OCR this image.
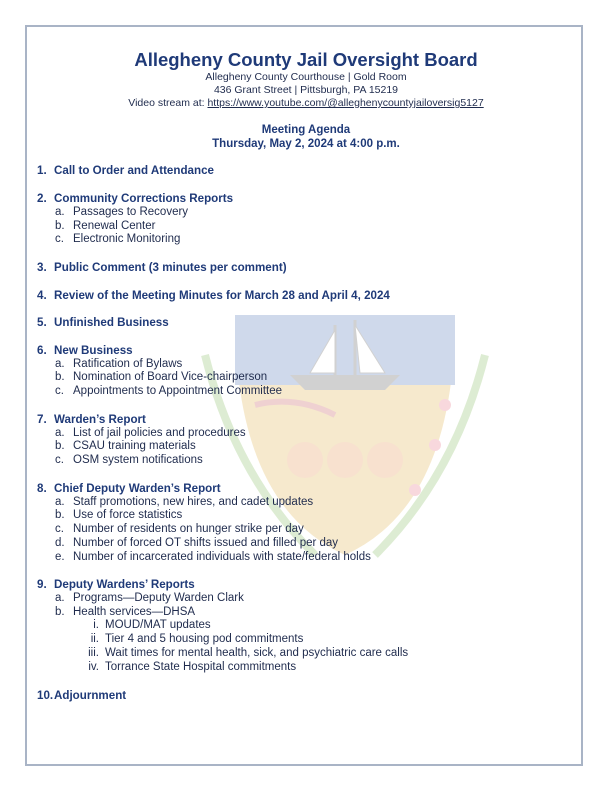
Allegheny County Jail Oversight Board
Allegheny County Courthouse | Gold Room
436 Grant Street | Pittsburgh, PA 15219
Video stream at: https://www.youtube.com/@alleghenycountyjailoversig5127
Meeting Agenda
Thursday, May 2, 2024 at 4:00 p.m.
1. Call to Order and Attendance
2. Community Corrections Reports
a. Passages to Recovery
b. Renewal Center
c. Electronic Monitoring
3. Public Comment (3 minutes per comment)
4. Review of the Meeting Minutes for March 28 and April 4, 2024
5. Unfinished Business
6. New Business
a. Ratification of Bylaws
b. Nomination of Board Vice-chairperson
c. Appointments to Appointment Committee
7. Warden’s Report
a. List of jail policies and procedures
b. CSAU training materials
c. OSM system notifications
8. Chief Deputy Warden’s Report
a. Staff promotions, new hires, and cadet updates
b. Use of force statistics
c. Number of residents on hunger strike per day
d. Number of forced OT shifts issued and filled per day
e. Number of incarcerated individuals with state/federal holds
9. Deputy Wardens’ Reports
a. Programs—Deputy Warden Clark
b. Health services—DHSA
i. MOUD/MAT updates
ii. Tier 4 and 5 housing pod commitments
iii. Wait times for mental health, sick, and psychiatric care calls
iv. Torrance State Hospital commitments
10.Adjournment
